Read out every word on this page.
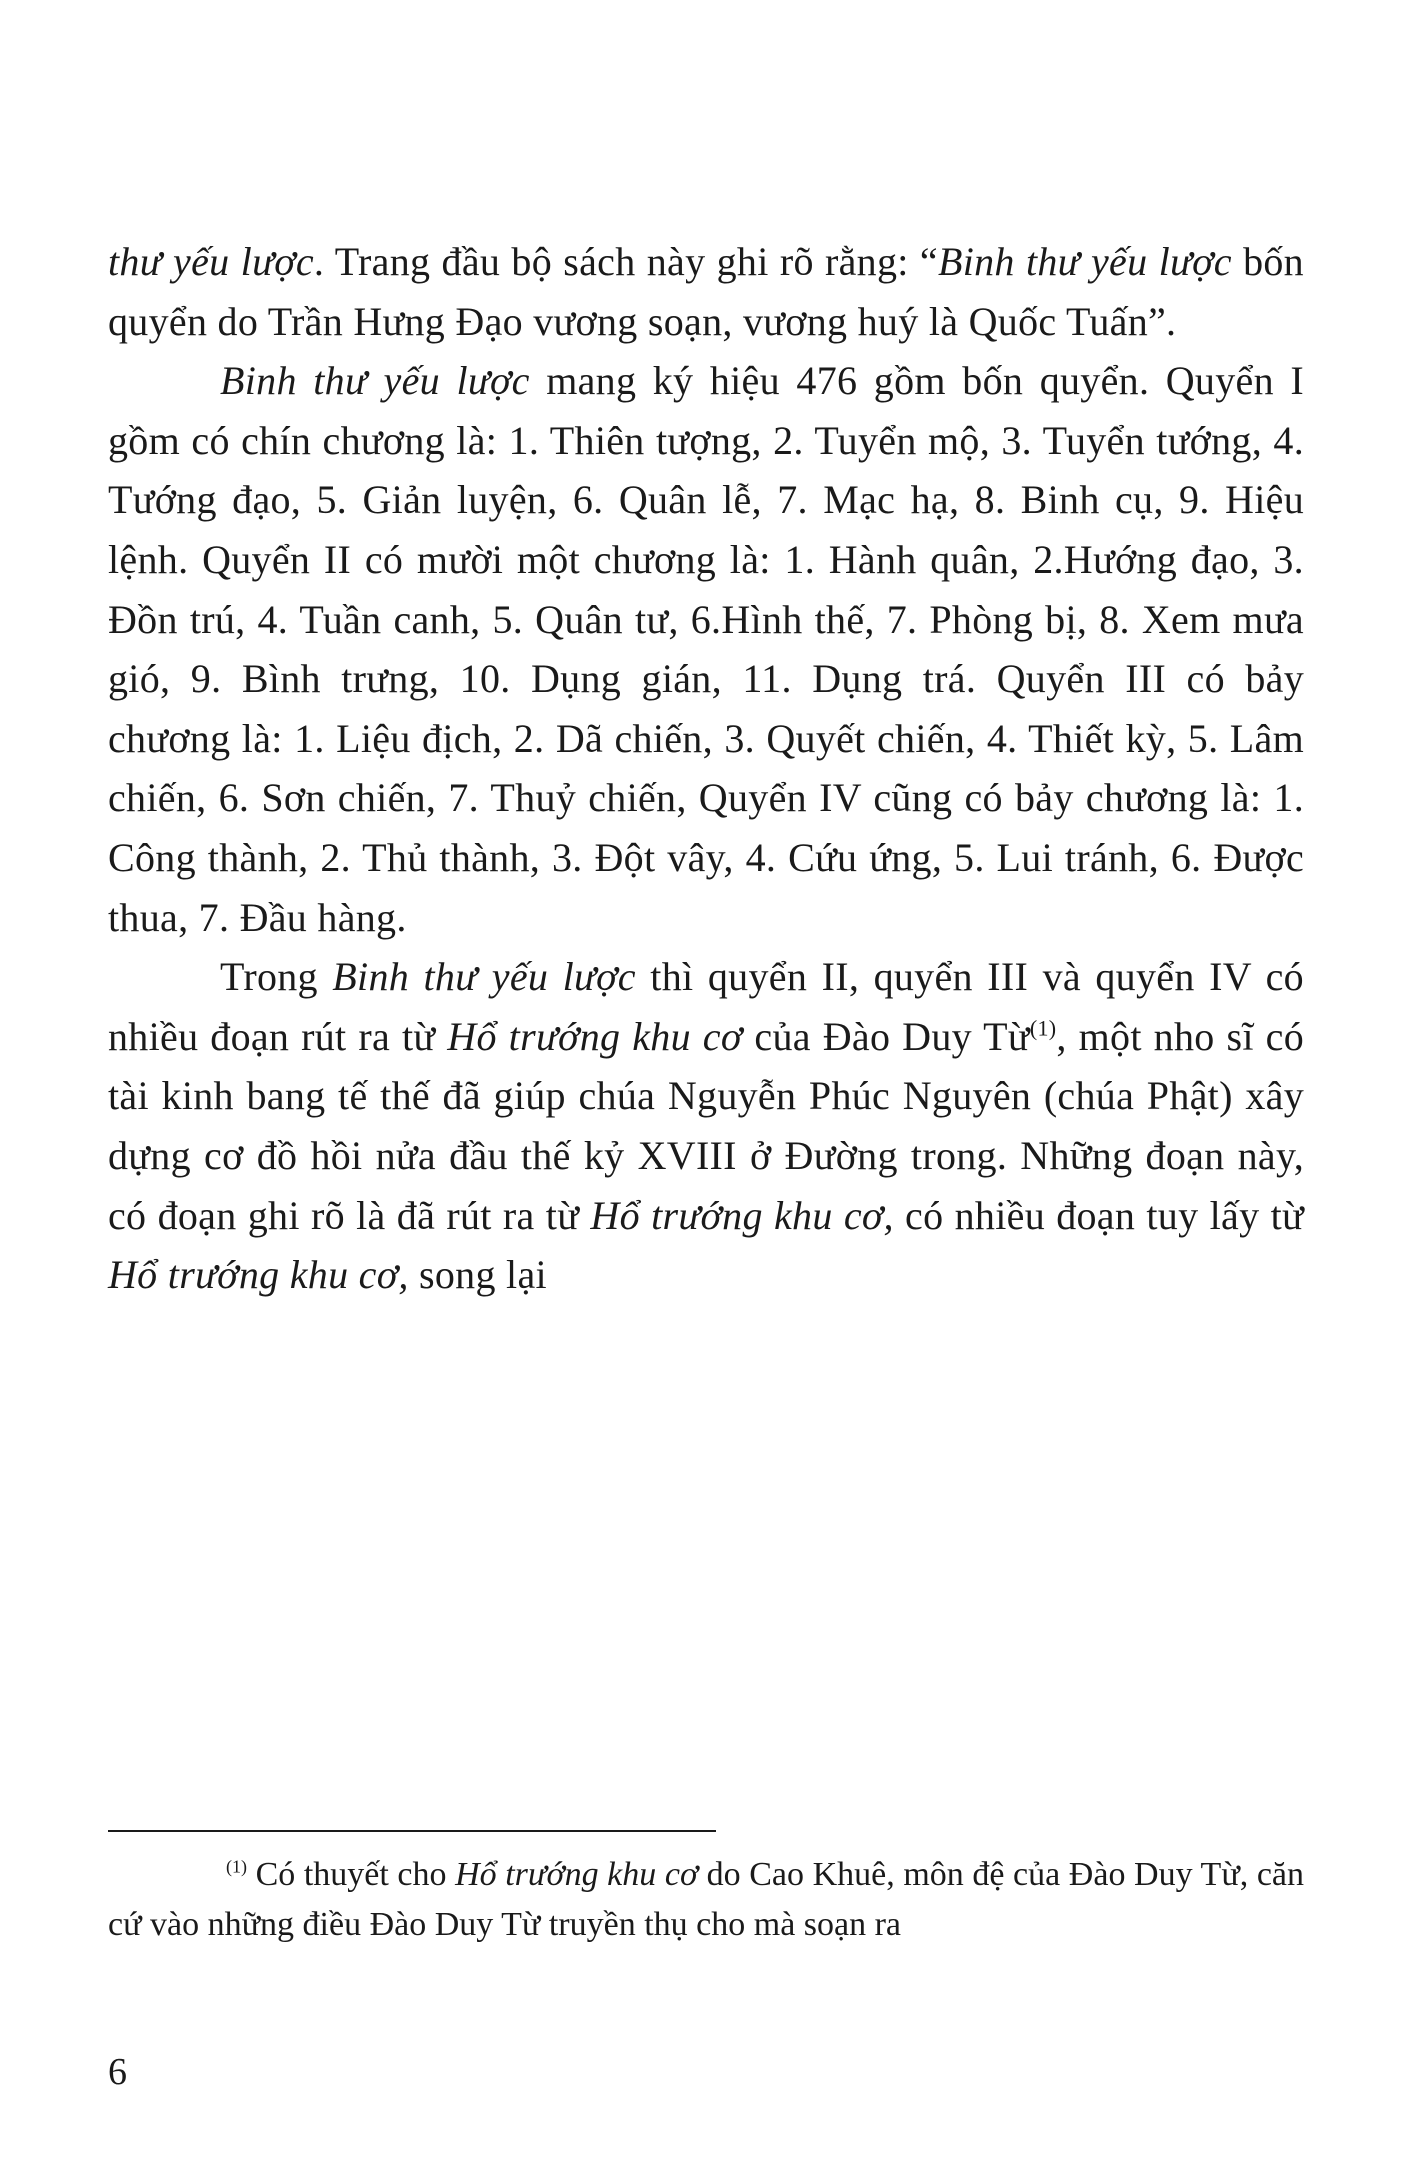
thư yếu lược. Trang đầu bộ sách này ghi rõ rằng: “Binh thư yếu lược bốn quyển do Trần Hưng Đạo vương soạn, vương huý là Quốc Tuấn”.

Binh thư yếu lược mang ký hiệu 476 gồm bốn quyển. Quyển I gồm có chín chương là: 1. Thiên tượng, 2. Tuyển mộ, 3. Tuyển tướng, 4. Tướng đạo, 5. Giản luyện, 6. Quân lễ, 7. Mạc hạ, 8. Binh cụ, 9. Hiệu lệnh. Quyển II có mười một chương là: 1. Hành quân, 2.Hướng đạo, 3. Đồn trú, 4. Tuần canh, 5. Quân tư, 6.Hình thế, 7. Phòng bị, 8. Xem mưa gió, 9. Bình trưng, 10. Dụng gián, 11. Dụng trá. Quyển III có bảy chương là: 1. Liệu địch, 2. Dã chiến, 3. Quyết chiến, 4. Thiết kỳ, 5. Lâm chiến, 6. Sơn chiến, 7. Thuỷ chiến, Quyển IV cũng có bảy chương là: 1. Công thành, 2. Thủ thành, 3. Đột vây, 4. Cứu ứng, 5. Lui tránh, 6. Được thua, 7. Đầu hàng.

Trong Binh thư yếu lược thì quyển II, quyển III và quyển IV có nhiều đoạn rút ra từ Hổ trướng khu cơ của Đào Duy Từ$^{(1)}$, một nho sĩ có tài kinh bang tế thế đã giúp chúa Nguyễn Phúc Nguyên (chúa Phật) xây dựng cơ đồ hồi nửa đầu thế kỷ XVIII ở Đường trong. Những đoạn này, có đoạn ghi rõ là đã rút ra từ Hổ trướng khu cơ, có nhiều đoạn tuy lấy từ Hổ trướng khu cơ, song lại

$^{(1)}$ Có thuyết cho Hổ trướng khu cơ do Cao Khuê, môn đệ của Đào Duy Từ, căn cứ vào những điều Đào Duy Từ truyền thụ cho mà soạn ra

6
